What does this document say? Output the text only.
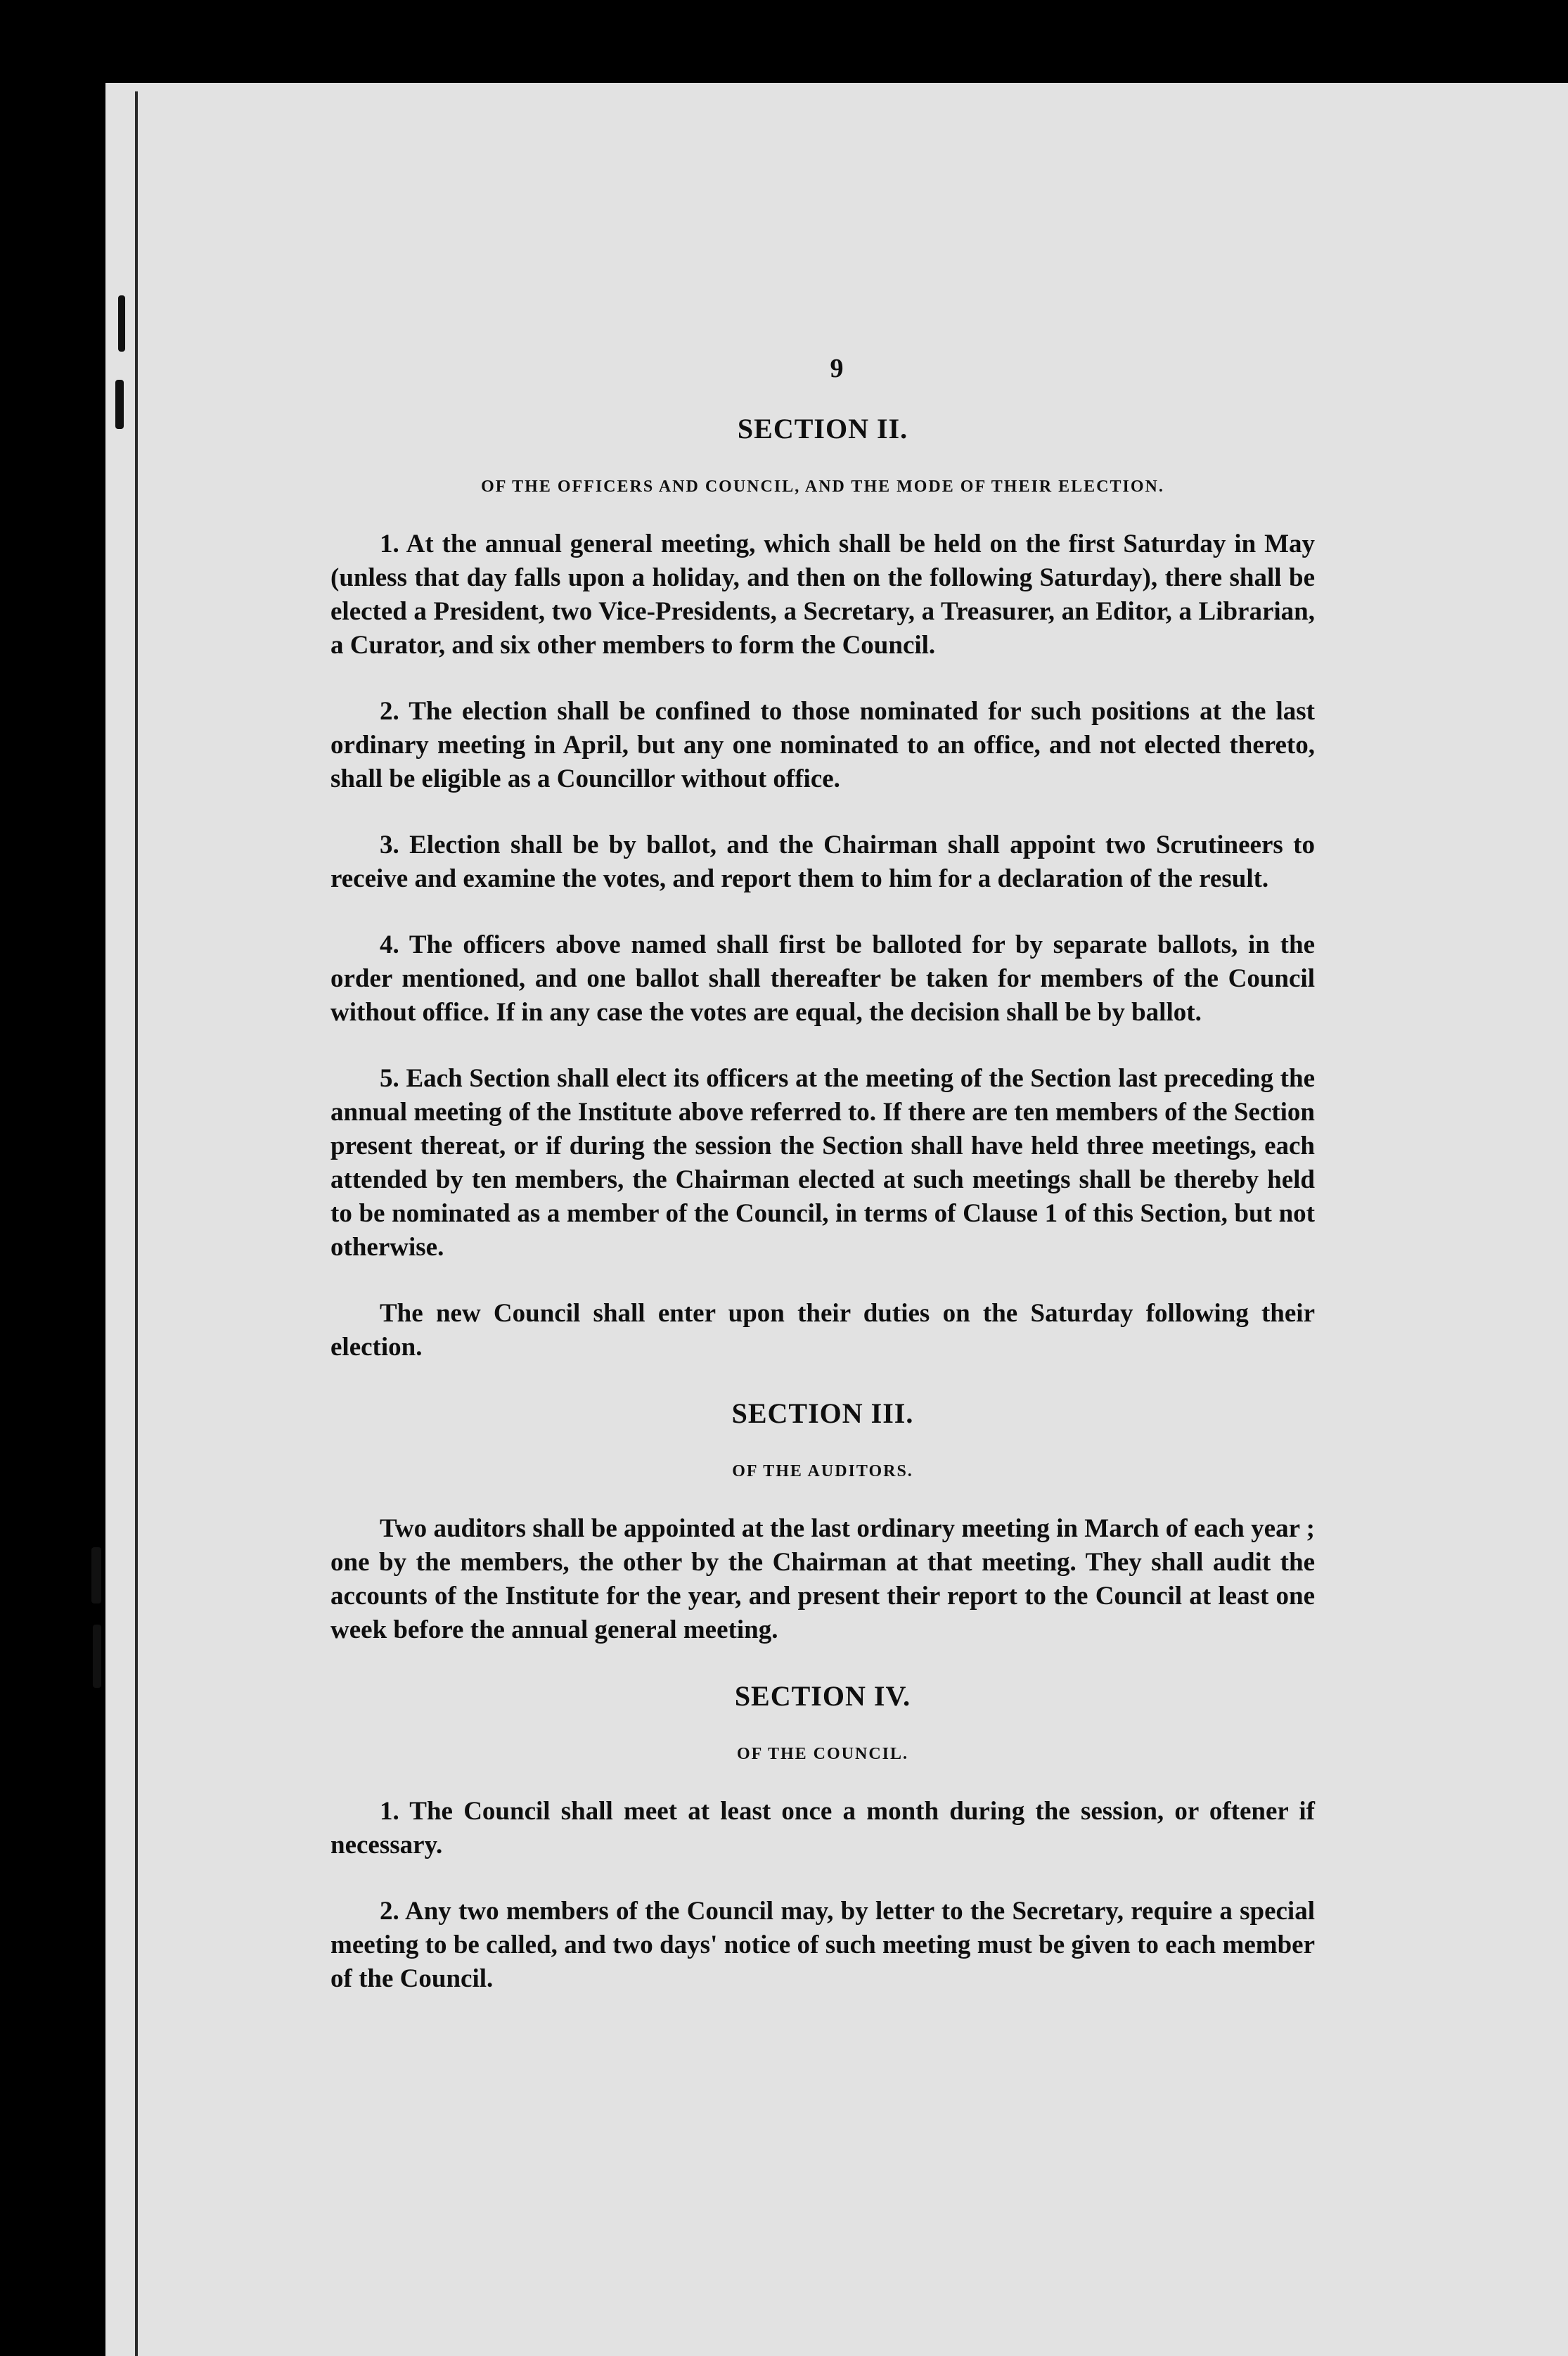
9
SECTION II.
OF THE OFFICERS AND COUNCIL, AND THE MODE OF THEIR ELECTION.

1. At the annual general meeting, which shall be held on the first Saturday in May (unless that day falls upon a holiday, and then on the following Saturday), there shall be elected a President, two Vice-Presidents, a Secretary, a Treasurer, an Editor, a Librarian, a Curator, and six other members to form the Council.

2. The election shall be confined to those nominated for such positions at the last ordinary meeting in April, but any one nominated to an office, and not elected thereto, shall be eligible as a Councillor without office.

3. Election shall be by ballot, and the Chairman shall appoint two Scrutineers to receive and examine the votes, and report them to him for a declaration of the result.

4. The officers above named shall first be balloted for by separate ballots, in the order mentioned, and one ballot shall thereafter be taken for members of the Council without office. If in any case the votes are equal, the decision shall be by ballot.

5. Each Section shall elect its officers at the meeting of the Section last preceding the annual meeting of the Institute above referred to. If there are ten members of the Section present thereat, or if during the session the Section shall have held three meetings, each attended by ten members, the Chairman elected at such meetings shall be thereby held to be nominated as a member of the Council, in terms of Clause 1 of this Section, but not otherwise.

The new Council shall enter upon their duties on the Saturday following their election.

SECTION III.
OF THE AUDITORS.

Two auditors shall be appointed at the last ordinary meeting in March of each year ; one by the members, the other by the Chairman at that meeting. They shall audit the accounts of the Institute for the year, and present their report to the Council at least one week before the annual general meeting.

SECTION IV.
OF THE COUNCIL.

1. The Council shall meet at least once a month during the session, or oftener if necessary.

2. Any two members of the Council may, by letter to the Secretary, require a special meeting to be called, and two days' notice of such meeting must be given to each member of the Council.
